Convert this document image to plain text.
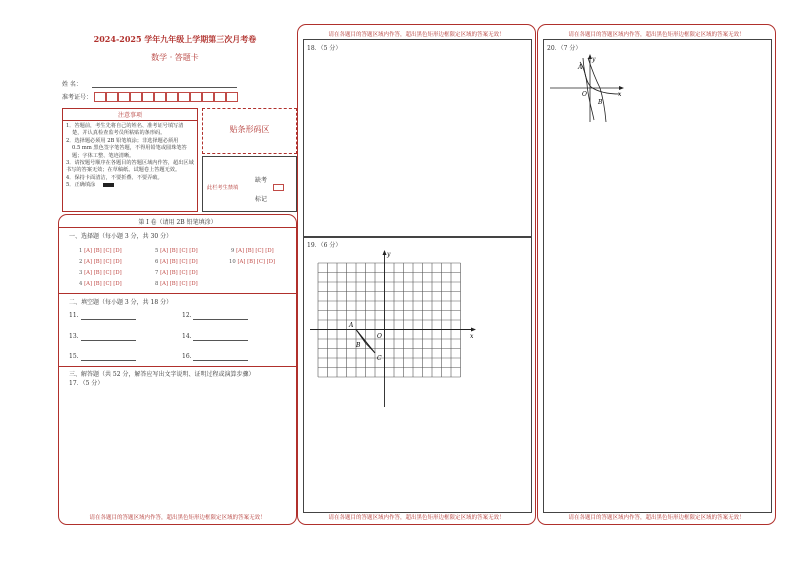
2024-2025 学年九年级上学期第三次月考卷
数学 · 答题卡
姓 名：
准考证号：
注意事项
1．答题前，考生先将自己的姓名、准考证号填写清
楚，并认真检查监考员所粘贴的条形码。
2．选择题必须用 2B 铅笔填涂；非选择题必须用
0.5 mm 黑色签字笔答题，不得用铅笔或圆珠笔答题；字体工整、笔迹清晰。
3．请按题号顺序在各题目的答题区域内作答，超出区域书写的答案无效；在草稿纸、试题卷上答题无效。
4．保持卡面清洁，不要折叠、不要弄破。
5．正确填涂
贴条形码区
缺考
此栏考生禁填
标记
第 I 卷（请用 2B 铅笔填涂）
一、选择题（每小题 3 分，共 30 分）
1 [A] [B] [C] [D]
2 [A] [B] [C] [D]
3 [A] [B] [C] [D]
4 [A] [B] [C] [D]
5 [A] [B] [C] [D]
6 [A] [B] [C] [D]
7 [A] [B] [C] [D]
8 [A] [B] [C] [D]
9 [A] [B] [C] [D]
10 [A] [B] [C] [D]
二、填空题（每小题 3 分，共 18 分）
11.	12.
13.	14.
15.	16.
三、解答题（共 52 分，解答应写出文字说明、证明过程或演算步骤）
17．（5 分）
请在各题目的答题区域内作答，超出黑色矩形边框限定区域的答案无效！
请在各题目的答题区域内作答，超出黑色矩形边框限定区域的答案无效！
18．（5 分）
19．（6 分）
y
x
A
O
B
C
请在各题目的答题区域内作答，超出黑色矩形边框限定区域的答案无效！
请在各题目的答题区域内作答，超出黑色矩形边框限定区域的答案无效！
20．（7 分）
y
x
A
O
B
请在各题目的答题区域内作答，超出黑色矩形边框限定区域的答案无效！
